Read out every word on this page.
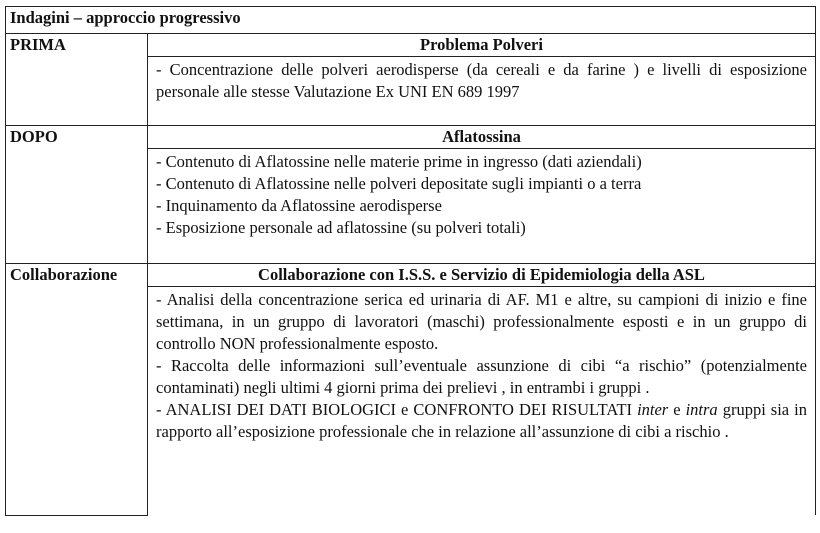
Indagini – approccio progressivo	
PRIMA	Problema Polveri

	- Concentrazione delle polveri aerodisperse (da cereali e da farine ) e livelli di esposizione personale alle stesse Valutazione Ex UNI EN 689 1997

DOPO	Aflatossina

	- Contenuto di Aflatossine nelle materie prime in ingresso (dati aziendali)

- Contenuto di Aflatossine nelle polveri depositate sugli impianti o a terra

- Inquinamento da Aflatossine aerodisperse

- Esposizione personale ad aflatossine (su polveri totali)

Collaborazione	Collaborazione con I.S.S. e Servizio di Epidemiologia della ASL

	- Analisi della concentrazione serica ed urinaria di AF. M1 e altre, su campioni di inizio e fine settimana, in un gruppo di lavoratori (maschi) professionalmente esposti e in un gruppo di controllo NON professionalmente esposto.

- Raccolta delle informazioni sull’eventuale assunzione di cibi “a rischio” (potenzialmente contaminati) negli ultimi 4 giorni prima dei prelievi , in entrambi i gruppi .

- ANALISI DEI DATI BIOLOGICI e CONFRONTO DEI RISULTATI inter e intra gruppi sia in rapporto all’esposizione professionale che in relazione all’assunzione di cibi a rischio .
